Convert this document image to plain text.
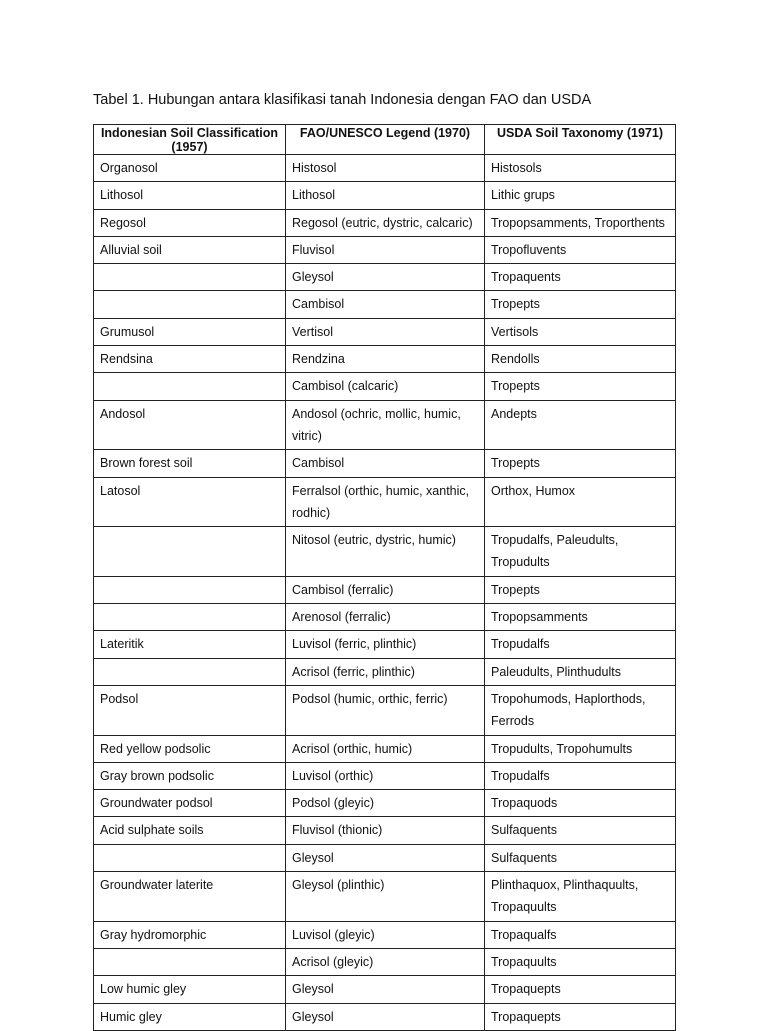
Tabel 1. Hubungan antara klasifikasi tanah Indonesia dengan FAO dan USDA
Indonesian Soil Classification (1957)	FAO/UNESCO Legend (1970)	USDA Soil Taxonomy (1971)
Organosol	Histosol	Histosols
Lithosol	Lithosol	Lithic grups
Regosol	Regosol (eutric, dystric, calcaric)	Tropopsamments, Troporthents
Alluvial soil	Fluvisol	Tropofluvents
	Gleysol	Tropaquents
	Cambisol	Tropepts
Grumusol	Vertisol	Vertisols
Rendsina	Rendzina	Rendolls
	Cambisol (calcaric)	Tropepts
Andosol	Andosol (ochric, mollic, humic, vitric)	Andepts
Brown forest soil	Cambisol	Tropepts
Latosol	Ferralsol (orthic, humic, xanthic, rodhic)	Orthox, Humox
	Nitosol (eutric, dystric, humic)	Tropudalfs, Paleudults, Tropudults
	Cambisol (ferralic)	Tropepts
	Arenosol (ferralic)	Tropopsamments
Lateritik	Luvisol (ferric, plinthic)	Tropudalfs
	Acrisol (ferric, plinthic)	Paleudults, Plinthudults
Podsol	Podsol (humic, orthic, ferric)	Tropohumods, Haplorthods, Ferrods
Red yellow podsolic	Acrisol (orthic, humic)	Tropudults, Tropohumults
Gray brown podsolic	Luvisol (orthic)	Tropudalfs
Groundwater podsol	Podsol (gleyic)	Tropaquods
Acid sulphate soils	Fluvisol (thionic)	Sulfaquents
	Gleysol	Sulfaquents
Groundwater laterite	Gleysol (plinthic)	Plinthaquox, Plinthaquults, Tropaquults
Gray hydromorphic	Luvisol (gleyic)	Tropaqualfs
	Acrisol (gleyic)	Tropaquults
Low humic gley	Gleysol	Tropaquepts
Humic gley	Gleysol	Tropaquepts
